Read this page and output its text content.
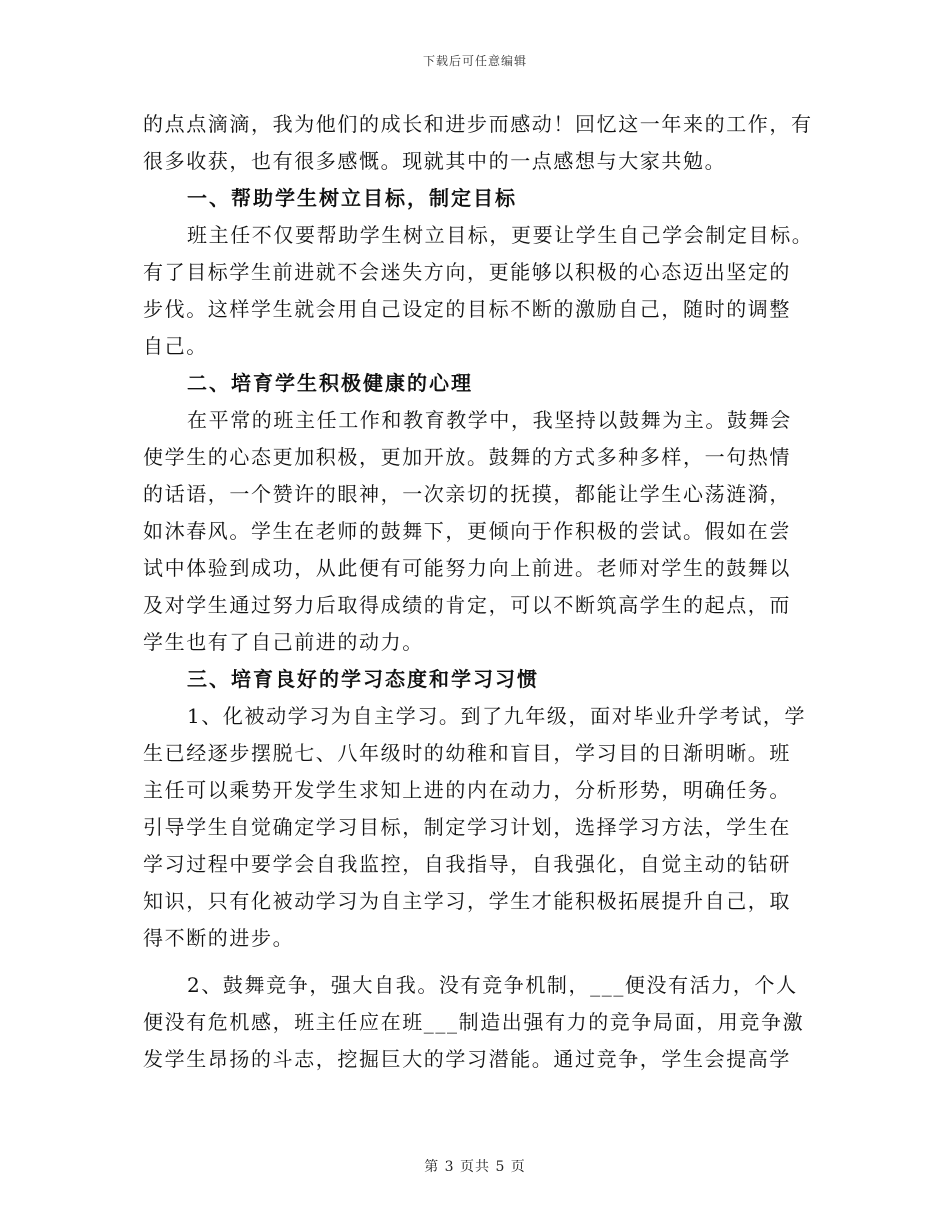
下载后可任意编辑
的点点滴滴，我为他们的成长和进步而感动！回忆这一年来的工作，有
很多收获，也有很多感慨。现就其中的一点感想与大家共勉。
一、帮助学生树立目标，制定目标
班主任不仅要帮助学生树立目标，更要让学生自己学会制定目标。
有了目标学生前进就不会迷失方向，更能够以积极的心态迈出坚定的
步伐。这样学生就会用自己设定的目标不断的激励自己，随时的调整
自己。
二、培育学生积极健康的心理
在平常的班主任工作和教育教学中，我坚持以鼓舞为主。鼓舞会
使学生的心态更加积极，更加开放。鼓舞的方式多种多样，一句热情
的话语，一个赞许的眼神，一次亲切的抚摸，都能让学生心荡涟漪，
如沐春风。学生在老师的鼓舞下，更倾向于作积极的尝试。假如在尝
试中体验到成功，从此便有可能努力向上前进。老师对学生的鼓舞以
及对学生通过努力后取得成绩的肯定，可以不断筑高学生的起点，而
学生也有了自己前进的动力。
三、培育良好的学习态度和学习习惯
1、化被动学习为自主学习。到了九年级，面对毕业升学考试，学
生已经逐步摆脱七、八年级时的幼稚和盲目，学习目的日渐明晰。班
主任可以乘势开发学生求知上进的内在动力，分析形势，明确任务。
引导学生自觉确定学习目标，制定学习计划，选择学习方法，学生在
学习过程中要学会自我监控，自我指导，自我强化，自觉主动的钻研
知识，只有化被动学习为自主学习，学生才能积极拓展提升自己，取
得不断的进步。
2、鼓舞竞争，强大自我。没有竞争机制，___便没有活力，个人
便没有危机感，班主任应在班___制造出强有力的竞争局面，用竞争激
发学生昂扬的斗志，挖掘巨大的学习潜能。通过竞争，学生会提高学
第 3 页共 5 页
